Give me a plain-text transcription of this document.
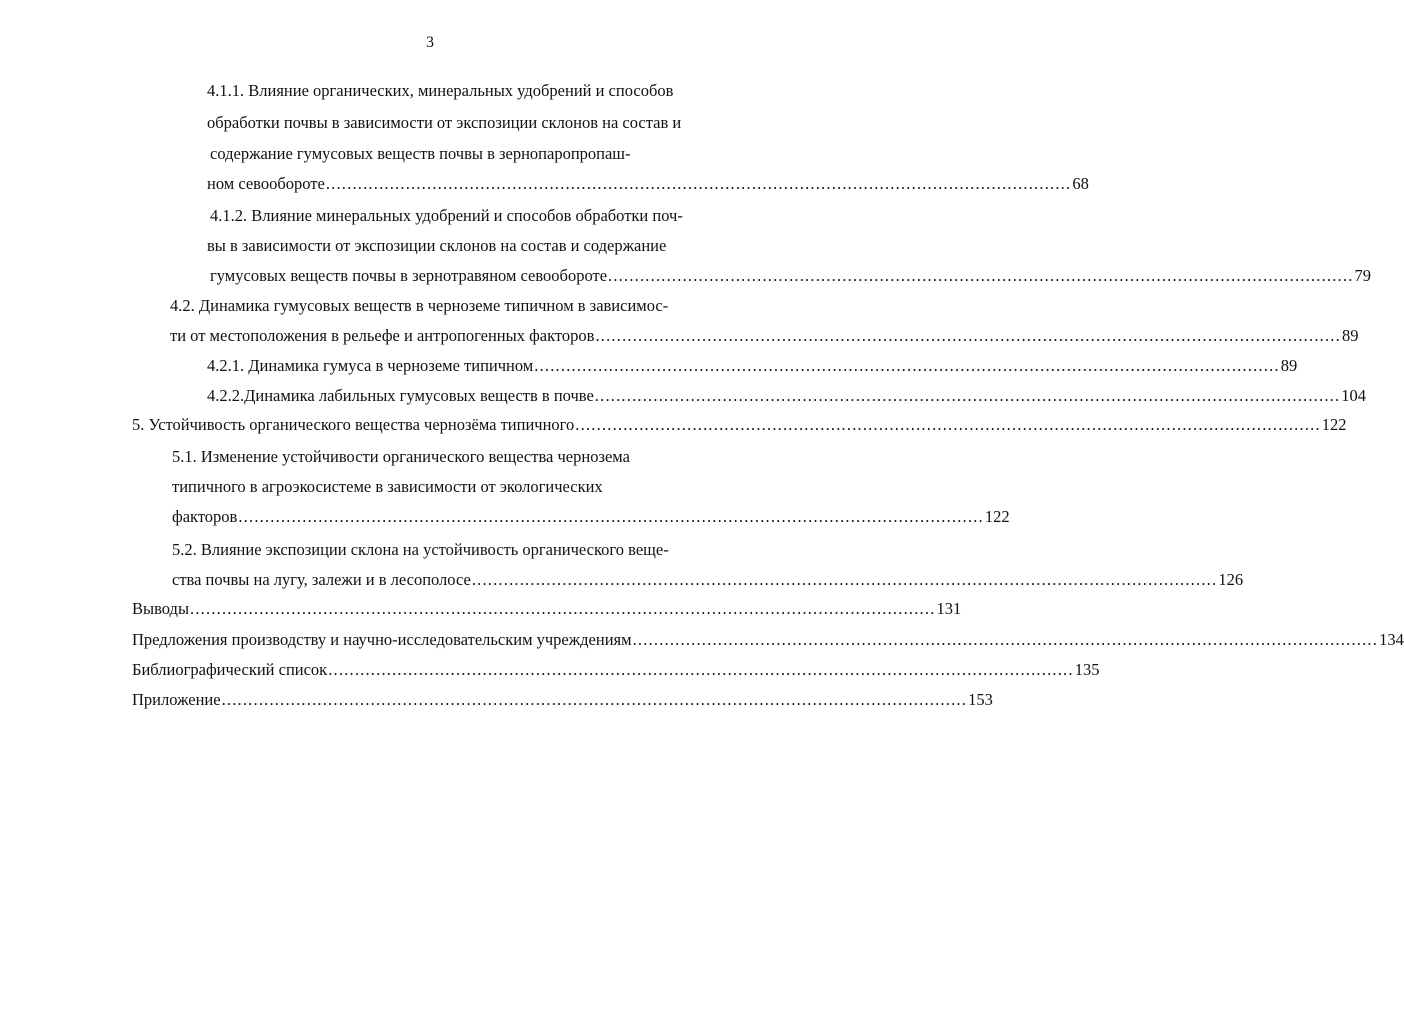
3
4.1.1. Влияние органических, минеральных удобрений и способов
обработки почвы в зависимости от экспозиции склонов на состав и
содержание гумусовых веществ почвы в зернопаропропаш-
ном севообороте ............................................................................................................................................ 68
4.1.2. Влияние минеральных удобрений и способов обработки поч-
вы в зависимости от экспозиции склонов на состав и содержание
гумусовых веществ почвы в зернотравяном севообороте ............................................................................................................................................ 79
4.2. Динамика гумусовых веществ в черноземе типичном в зависимос-
ти от местоположения в рельефе и антропогенных факторов ............................................................................................................................................ 89
4.2.1. Динамика гумуса в черноземе типичном ............................................................................................................................................ 89
4.2.2.Динамика лабильных гумусовых веществ в почве ............................................................................................................................................ 104
5. Устойчивость органического вещества чернозёма типичного ............................................................................................................................................ 122
5.1. Изменение устойчивости органического вещества чернозема
типичного в агроэкосистеме в зависимости от экологических
факторов ............................................................................................................................................ 122
5.2. Влияние экспозиции склона на устойчивость органического веще-
ства почвы на лугу, залежи и в лесополосе ............................................................................................................................................ 126
Выводы ............................................................................................................................................ 131
Предложения производству и научно-исследовательским учреждениям ............................................................................................................................................ 134
Библиографический список ............................................................................................................................................ 135
Приложение ............................................................................................................................................ 153
